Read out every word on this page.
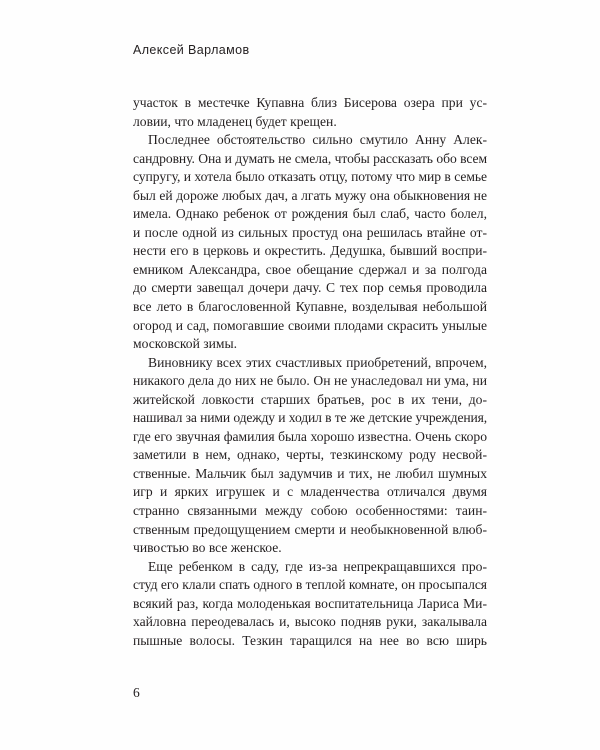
Алексей Варламов
участок в местечке Купавна близ Бисерова озера при ус-
ловии, что младенец будет крещен.
Последнее обстоятельство сильно смутило Анну Алек-
сандровну. Она и думать не смела, чтобы рассказать обо всем
супругу, и хотела было отказать отцу, потому что мир в семье
был ей дороже любых дач, а лгать мужу она обыкновения не
имела. Однако ребенок от рождения был слаб, часто болел,
и после одной из сильных простуд она решилась втайне от-
нести его в церковь и окрестить. Дедушка, бывший воспри-
емником Александра, свое обещание сдержал и за полгода
до смерти завещал дочери дачу. С тех пор семья проводила
все лето в благословенной Купавне, возделывая небольшой
огород и сад, помогавшие своими плодами скрасить унылые
московской зимы.
Виновнику всех этих счастливых приобретений, впрочем,
никакого дела до них не было. Он не унаследовал ни ума, ни
житейской ловкости старших братьев, рос в их тени, до-
нашивал за ними одежду и ходил в те же детские учреждения,
где его звучная фамилия была хорошо известна. Очень скоро
заметили в нем, однако, черты, тезкинскому роду несвой-
ственные. Мальчик был задумчив и тих, не любил шумных
игр и ярких игрушек и с младенчества отличался двумя
странно связанными между собою особенностями: таин-
ственным предощущением смерти и необыкновенной влюб-
чивостью во все женское.
Еще ребенком в саду, где из-за непрекращавшихся про-
студ его клали спать одного в теплой комнате, он просыпался
всякий раз, когда молоденькая воспитательница Лариса Ми-
хайловна переодевалась и, высоко подняв руки, закалывала
пышные волосы. Тезкин таращился на нее во всю ширь
6
